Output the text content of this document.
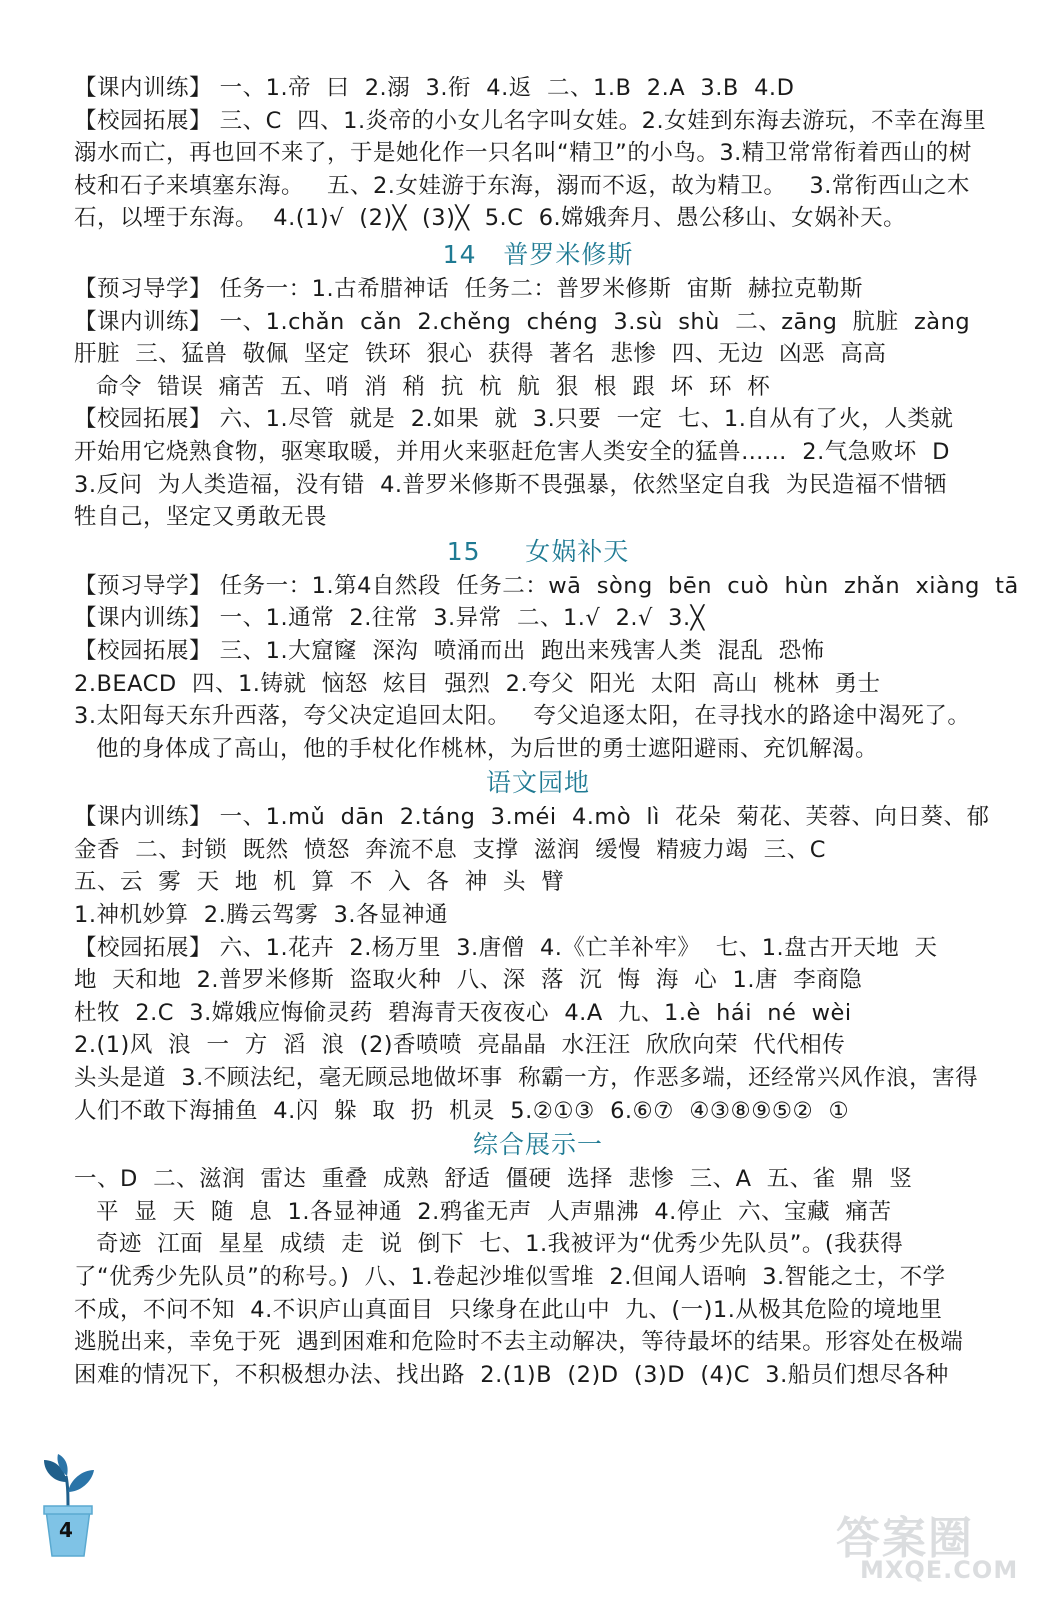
【课内训练】 一、1.帝  曰  2.溺  3.衔  4.返  二、1.B  2.A  3.B  4.D
【校园拓展】 三、C  四、1.炎帝的小女儿名字叫女娃。2.女娃到东海去游玩，不幸在海里
溺水而亡，再也回不来了，于是她化作一只名叫“精卫”的小鸟。3.精卫常常衔着西山的树
枝和石子来填塞东海。   五、2.女娃游于东海，溺而不返，故为精卫。   3.常衔西山之木
石，以堙于东海。  4.(1)√  (2)╳  (3)╳  5.C  6.嫦娥奔月、愚公移山、女娲补天。
14   普罗米修斯
【预习导学】 任务一：1.古希腊神话  任务二：普罗米修斯  宙斯  赫拉克勒斯
【课内训练】 一、1.chǎn  cǎn  2.chěng  chéng  3.sù  shù  二、zāng  肮脏  zàng
肝脏  三、猛兽  敬佩  坚定  铁环  狠心  获得  著名  悲惨  四、无边  凶恶  高高
命令  错误  痛苦  五、哨  消  稍  抗  杭  航  狠  根  跟  坏  环  杯
【校园拓展】 六、1.尽管  就是  2.如果  就  3.只要  一定  七、1.自从有了火，人类就
开始用它烧熟食物，驱寒取暖，并用火来驱赶危害人类安全的猛兽……  2.气急败坏  D
3.反问  为人类造福，没有错  4.普罗米修斯不畏强暴，依然坚定自我  为民造福不惜牺
牲自己，坚定又勇敢无畏
15     女娲补天
【预习导学】 任务一：1.第4自然段  任务二：wā  sòng  bēn  cuò  hùn  zhǎn  xiàng  tā
【课内训练】 一、1.通常  2.往常  3.异常  二、1.√  2.√  3.╳
【校园拓展】 三、1.大窟窿  深沟  喷涌而出  跑出来残害人类  混乱  恐怖
2.BEACD  四、1.铸就  恼怒  炫目  强烈  2.夸父  阳光  太阳  高山  桃林  勇士
3.太阳每天东升西落，夸父决定追回太阳。   夸父追逐太阳，在寻找水的路途中渴死了。
他的身体成了高山，他的手杖化作桃林，为后世的勇士遮阳避雨、充饥解渴。
语文园地
【课内训练】 一、1.mǔ  dān  2.táng  3.méi  4.mò  lì  花朵  菊花、芙蓉、向日葵、郁
金香  二、封锁  既然  愤怒  奔流不息  支撑  滋润  缓慢  精疲力竭  三、C
五、云  雾  天  地  机  算  不  入  各  神  头  臂
1.神机妙算  2.腾云驾雾  3.各显神通
【校园拓展】 六、1.花卉  2.杨万里  3.唐僧  4.《亡羊补牢》  七、1.盘古开天地  天
地  天和地  2.普罗米修斯  盗取火种  八、深  落  沉  悔  海  心  1.唐  李商隐
杜牧  2.C  3.嫦娥应悔偷灵药  碧海青天夜夜心  4.A  九、1.è  hái  né  wèi
2.(1)风  浪  一  方  滔  浪  (2)香喷喷  亮晶晶  水汪汪  欣欣向荣  代代相传
头头是道  3.不顾法纪，毫无顾忌地做坏事  称霸一方，作恶多端，还经常兴风作浪，害得
人们不敢下海捕鱼  4.闪  躲  取  扔  机灵  5.②①③  6.⑥⑦  ④③⑧⑨⑤②  ①
综合展示一
一、D  二、滋润  雷达  重叠  成熟  舒适  僵硬  选择  悲惨  三、A  五、雀  鼎  竖
平  显  天  随  息  1.各显神通  2.鸦雀无声  人声鼎沸  4.停止  六、宝藏  痛苦
奇迹  江面  星星  成绩  走  说  倒下  七、1.我被评为“优秀少先队员”。(我获得
了“优秀少先队员”的称号。)  八、1.卷起沙堆似雪堆  2.但闻人语响  3.智能之士，不学
不成，不问不知  4.不识庐山真面目  只缘身在此山中  九、(一)1.从极其危险的境地里
逃脱出来，幸免于死  遇到困难和危险时不去主动解决，等待最坏的结果。形容处在极端
困难的情况下，不积极想办法、找出路  2.(1)B  (2)D  (3)D  (4)C  3.船员们想尽各种
4	答案圈
MXQE.COM
